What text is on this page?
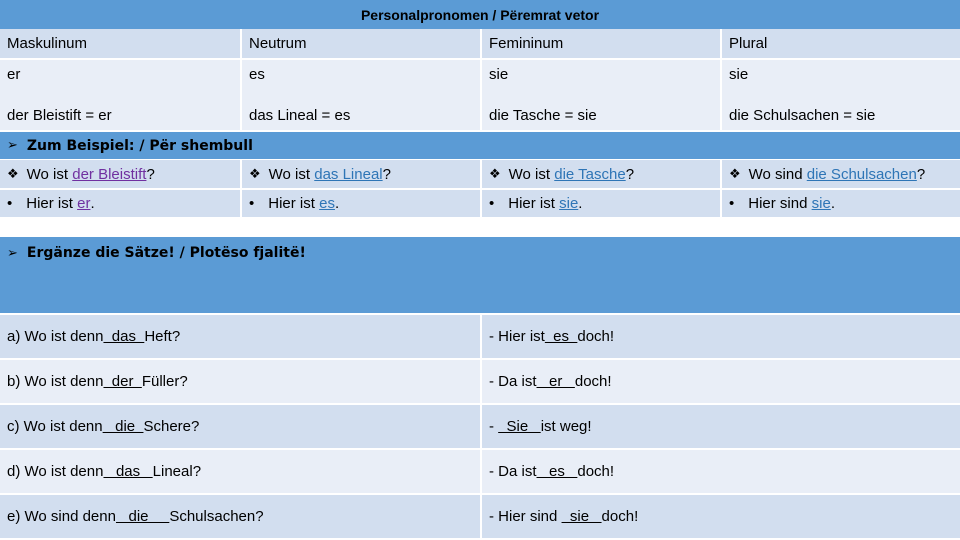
Personalpronomen / Përemrat vetor
Maskulinum	Neutrum	Femininum	Plural
er	es	sie	sie
der Bleistift = er	das Lineal = es	die Tasche = sie	die Schulsachen = sie
➢ Zum Beispiel: / Për shembull
❖ Wo ist der Bleistift ?	❖ Wo ist das Lineal ?	❖ Wo ist die Tasche ?	❖ Wo sind die Schulsachen ?
• Hier ist er .	• Hier ist es .	• Hier ist sie .	• Hier sind sie .
➢ Ergänze die Sätze! / Plotëso fjalitë!
a) Wo ist denn das Heft?	- Hier ist es doch!
b) Wo ist denn der Füller?	- Da ist er doch!
c) Wo ist denn die Schere?	- Sie ist weg!
d) Wo ist denn das Lineal?	- Da ist es doch!
e) Wo sind denn die Schulsachen?	- Hier sind sie doch!
